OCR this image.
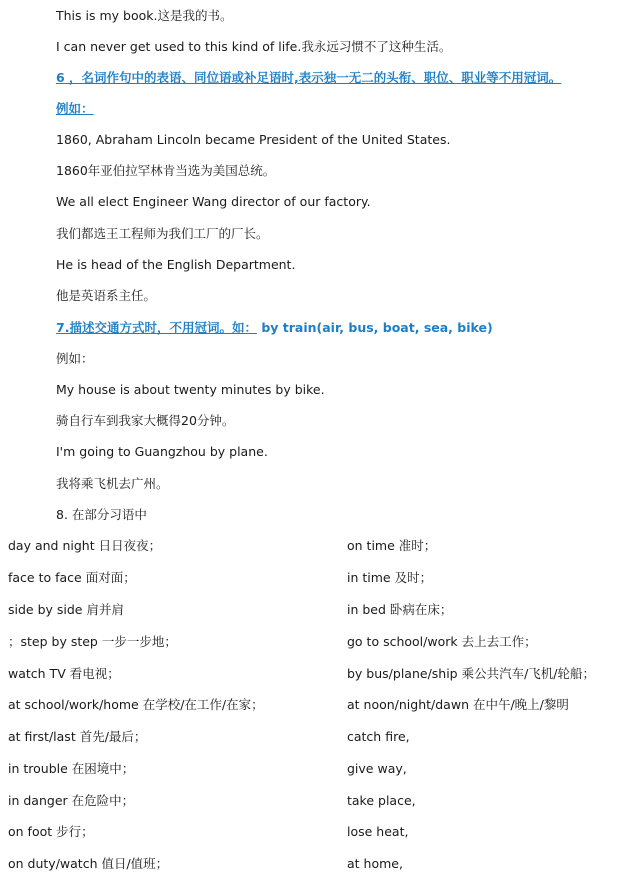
This is my book.这是我的书。
I can never get used to this kind of life.我永远习惯不了这种生活。
6 ，名词作句中的表语、同位语或补足语时,表示独一无二的头衔、职位、职业等不用冠词。
例如：
1860, Abraham Lincoln became President of the United States.
1860年亚伯拉罕林肯当选为美国总统。
We all elect Engineer Wang director of our factory.
我们都选王工程师为我们工厂的厂长。
He is head of the English Department.
他是英语系主任。
7.描述交通方式时，不用冠词。如： by train(air, bus, boat, sea, bike)
例如：
My house is about twenty minutes by bike.
骑自行车到我家大概得20分钟。
I'm going to Guangzhou by plane.
我将乘飞机去广州。
8. 在部分习语中
day and night 日日夜夜；	on time 准时；
face to face 面对面；	in time 及时；
side by side 肩并肩	in bed 卧病在床；
；step by step 一步一步地；	go to school/work 去上去工作；
watch TV 看电视；	by bus/plane/ship 乘公共汽车/飞机/轮船；
at school/work/home 在学校/在工作/在家；	at noon/night/dawn 在中午/晚上/黎明
at first/last 首先/最后；	catch fire,
in trouble 在困境中；	give way,
in danger 在危险中；	take place,
on foot 步行；	lose heat,
on duty/watch 值日/值班；	at home,
